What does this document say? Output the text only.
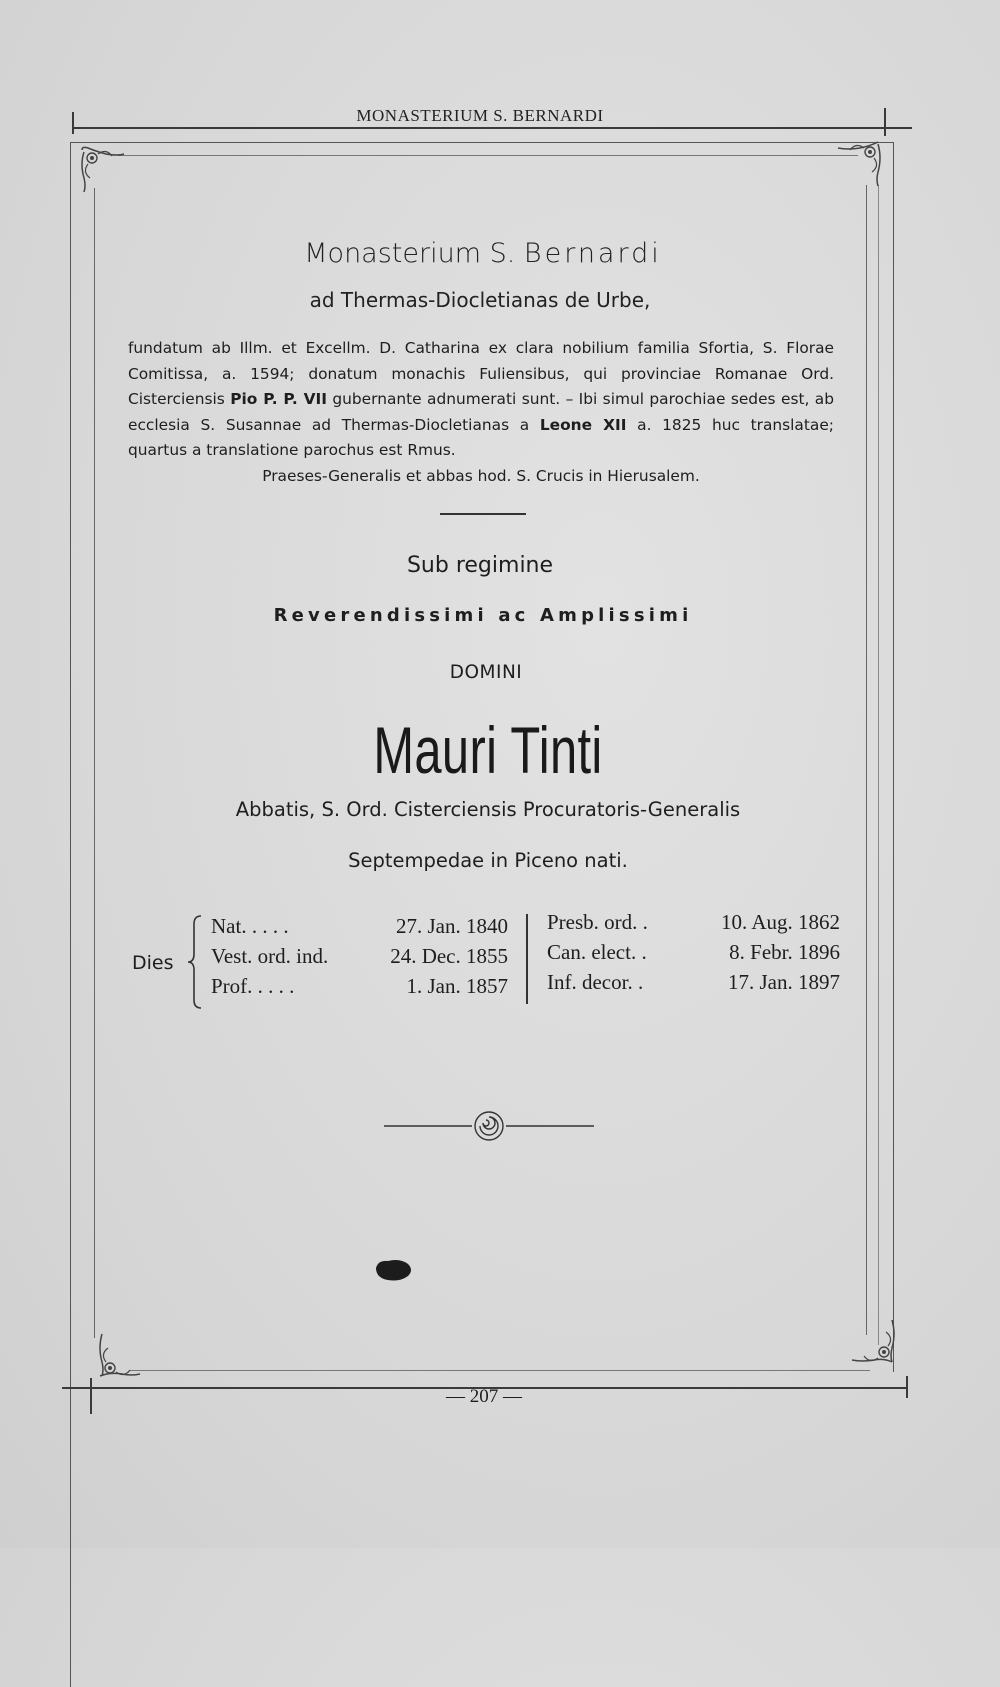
MONASTERIUM S. BERNARDI
Monasterium S. Bernardi
ad Thermas-Diocletianas de Urbe,
fundatum ab Illm. et Excellm. D. Catharina ex clara nobilium familia Sfortia, S. Florae Comitissa, a. 1594; donatum monachis Fuliensibus, qui provinciae Romanae Ord. Cisterciensis Pio P. P. VII gubernante adnumerati sunt. – Ibi simul parochiae sedes est, ab ecclesia S. Susannae ad Thermas-Diocletianas a Leone XII a. 1825 huc translatae; quartus a translatione parochus est Rmus.
Praeses-Generalis et abbas hod. S. Crucis in Hierusalem.
Sub regimine
Reverendissimi ac Amplissimi
DOMINI
Mauri Tinti
Abbatis, S. Ord. Cisterciensis Procuratoris-Generalis
Septempedae in Piceno nati.
Dies
Nat. . . . .
Vest. ord. ind.
Prof. . . . .
27. Jan. 1840
24. Dec. 1855
1. Jan. 1857
Presb. ord. .
Can. elect. .
Inf. decor. .
10. Aug. 1862
8. Febr. 1896
17. Jan. 1897
— 207 —
